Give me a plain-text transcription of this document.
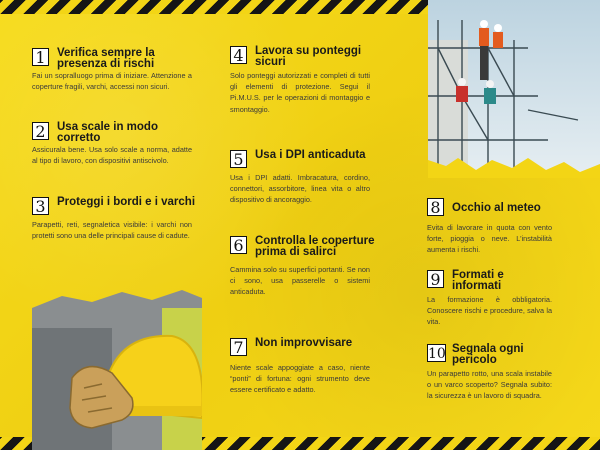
1 Verifica sempre la presenza di rischi
Fai un sopralluogo prima di iniziare. Attenzione a coperture fragili, varchi, accessi non sicuri.
2 Usa scale in modo corretto
Assicurala bene. Usa solo scale a norma, adatte al tipo di lavoro, con dispositivi antiscivolo.
3 Proteggi i bordi e i varchi
Parapetti, reti, segnaletica visibile: i varchi non protetti sono una delle principali cause di cadute.
4 Lavora su ponteggi sicuri
Solo ponteggi autorizzati e completi di tutti gli elementi di protezione. Segui il Pi.M.U.S. per le operazioni di montaggio e smontaggio.
5 Usa i DPI anticaduta
Usa i DPI adatti. Imbracatura, cordino, connettori, assorbitore, linea vita o altro dispositivo di ancoraggio.
6 Controlla le coperture prima di salirci
Cammina solo su superfici portanti. Se non ci sono, usa passerelle o sistemi anticaduta.
7 Non improvvisare
Niente scale appoggiate a caso, niente “ponti” di fortuna: ogni strumento deve essere certificato e adatto.
8 Occhio al meteo
Evita di lavorare in quota con vento forte, pioggia o neve. L’instabilità aumenta i rischi.
9 Formati e informati
La formazione è obbligatoria. Conoscere rischi e procedure, salva la vita.
10 Segnala ogni pericolo
Un parapetto rotto, una scala instabile o un varco scoperto? Segnala subito: la sicurezza è un lavoro di squadra.
